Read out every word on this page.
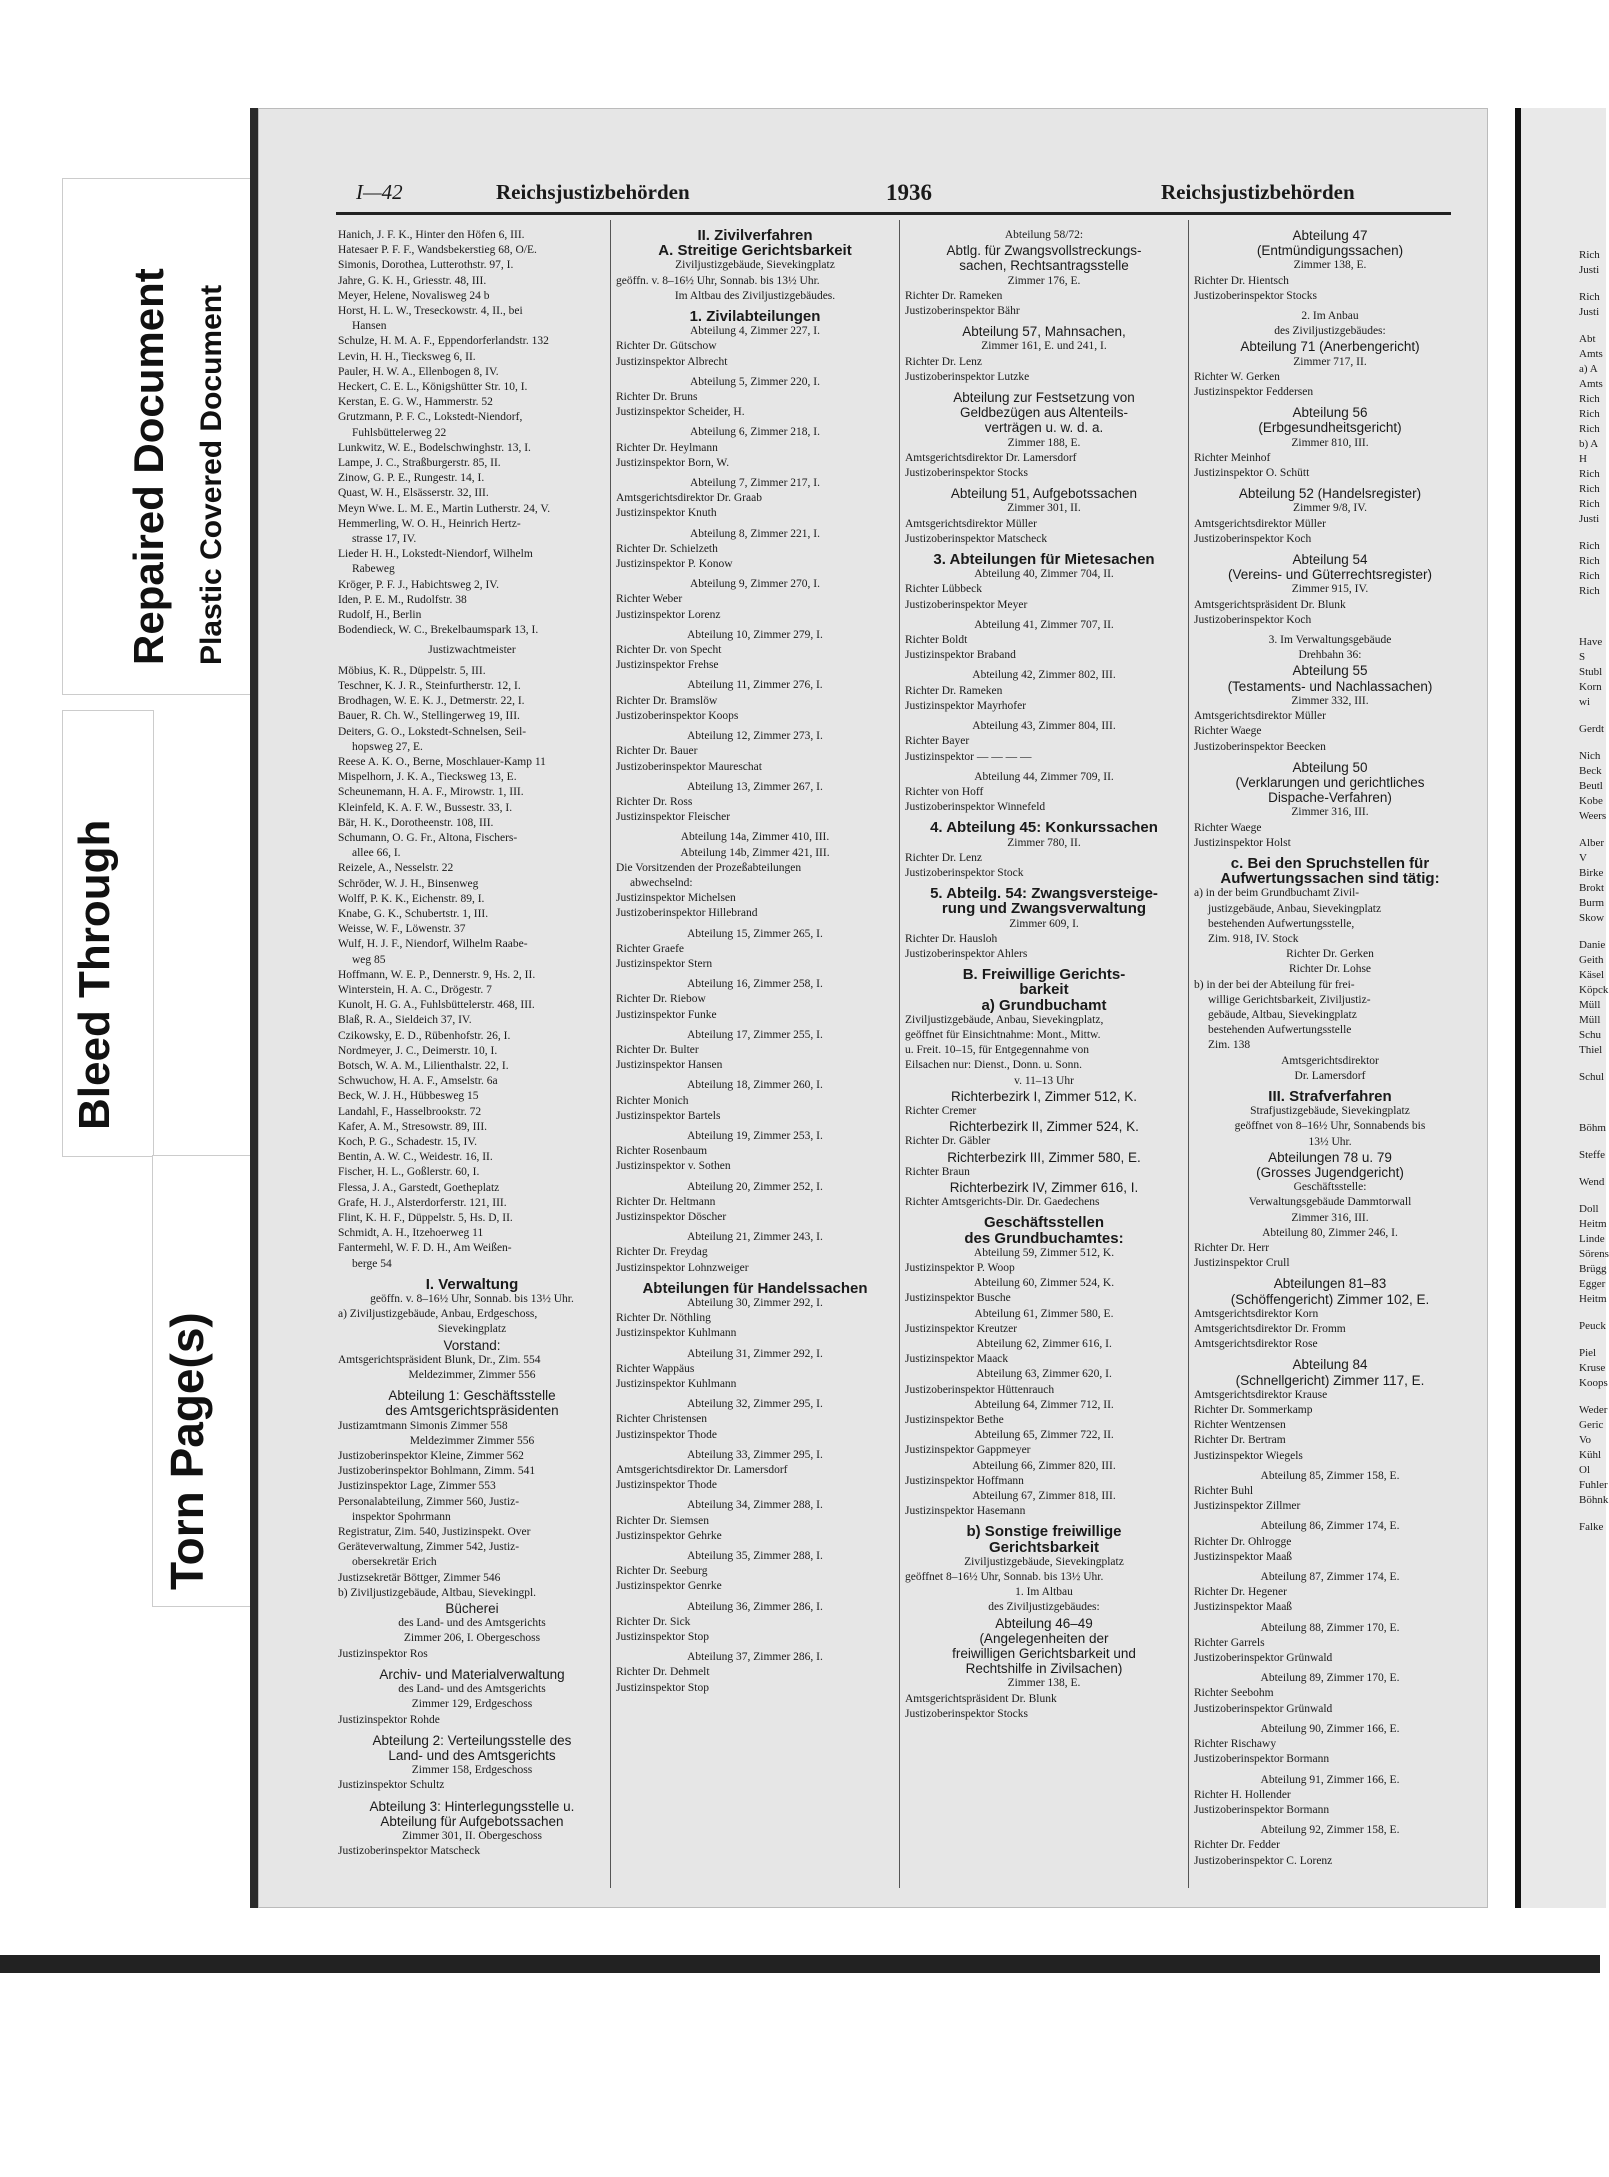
Bleed Through
Repaired Document Plastic Covered Document
Torn Page(s)
I—42	Reichsjustizbehörden	1936	Reichsjustizbehörden
Hanich, J. F. K., Hinter den Höfen 6, III.
Hatesaer P. F. F., Wandsbekerstieg 68, O/E.
Simonis, Dorothea, Lutterothstr. 97, I.
Jahre, G. K. H., Griesstr. 48, III.
Meyer, Helene, Novalisweg 24 b
Horst, H. L. W., Treseckowstr. 4, II., bei
Hansen
Schulze, H. M. A. F., Eppendorferlandstr. 132
Levin, H. H., Tiecksweg 6, II.
Pauler, H. W. A., Ellenbogen 8, IV.
Heckert, C. E. L., Königshütter Str. 10, I.
Kerstan, E. G. W., Hammerstr. 52
Grutzmann, P. F. C., Lokstedt-Niendorf,
Fuhlsbüttelerweg 22
Lunkwitz, W. E., Bodelschwinghstr. 13, I.
Lampe, J. C., Straßburgerstr. 85, II.
Zinow, G. P. E., Rungestr. 14, I.
Quast, W. H., Elsässerstr. 32, III.
Meyn Wwe. L. M. E., Martin Lutherstr. 24, V.
Hemmerling, W. O. H., Heinrich Hertz-
strasse 17, IV.
Lieder H. H., Lokstedt-Niendorf, Wilhelm
Rabeweg
Kröger, P. F. J., Habichtsweg 2, IV.
Iden, P. E. M., Rudolfstr. 38
Rudolf, H., Berlin
Bodendieck, W. C., Brekelbaumspark 13, I.
Justizwachtmeister
Möbius, K. R., Düppelstr. 5, III.
Teschner, K. J. R., Steinfurtherstr. 12, I.
Brodhagen, W. E. K. J., Detmerstr. 22, I.
Bauer, R. Ch. W., Stellingerweg 19, III.
Deiters, G. O., Lokstedt-Schnelsen, Seil-
hopsweg 27, E.
Reese A. K. O., Berne, Moschlauer-Kamp 11
Mispelhorn, J. K. A., Tiecksweg 13, E.
Scheunemann, H. A. F., Mirowstr. 1, III.
Kleinfeld, K. A. F. W., Bussestr. 33, I.
Bär, H. K., Dorotheenstr. 108, III.
Schumann, O. G. Fr., Altona, Fischers-
allee 66, I.
Reizele, A., Nesselstr. 22
Schröder, W. J. H., Binsenweg
Wolff, P. K. K., Eichenstr. 89, I.
Knabe, G. K., Schubertstr. 1, III.
Weisse, W. F., Löwenstr. 37
Wulf, H. J. F., Niendorf, Wilhelm Raabe-
weg 85
Hoffmann, W. E. P., Dennerstr. 9, Hs. 2, II.
Winterstein, H. A. C., Drögestr. 7
Kunolt, H. G. A., Fuhlsbüttelerstr. 468, III.
Blaß, R. A., Sieldeich 37, IV.
Czikowsky, E. D., Rübenhofstr. 26, I.
Nordmeyer, J. C., Deimerstr. 10, I.
Botsch, W. A. M., Lilienthalstr. 22, I.
Schwuchow, H. A. F., Amselstr. 6a
Beck, W. J. H., Hübbesweg 15
Landahl, F., Hasselbrookstr. 72
Kafer, A. M., Stresowstr. 89, III.
Koch, P. G., Schadestr. 15, IV.
Bentin, A. W. C., Weidestr. 16, II.
Fischer, H. L., Goßlerstr. 60, I.
Flessa, J. A., Garstedt, Goetheplatz
Grafe, H. J., Alsterdorferstr. 121, III.
Flint, K. H. F., Düppelstr. 5, Hs. D, II.
Schmidt, A. H., Itzehoerweg 11
Fantermehl, W. F. D. H., Am Weißen-
berge 54
I. Verwaltung
geöffn. v. 8–16½ Uhr, Sonnab. bis 13½ Uhr.
a) Ziviljustizgebäude, Anbau, Erdgeschoss,
Sievekingplatz
Vorstand:
Amtsgerichtspräsident Blunk, Dr., Zim. 554
Meldezimmer, Zimmer 556
Abteilung 1: Geschäftsstelle
des Amtsgerichtspräsidenten
Justizamtmann Simonis Zimmer 558
Meldezimmer Zimmer 556
Justizoberinspektor Kleine, Zimmer 562
Justizoberinspektor Bohlmann, Zimm. 541
Justizinspektor Lage, Zimmer 553
Personalabteilung, Zimmer 560, Justiz-
inspektor Spohrmann
Registratur, Zim. 540, Justizinspekt. Over
Geräteverwaltung, Zimmer 542, Justiz-
obersekretär Erich
Justizsekretär Böttger, Zimmer 546
b) Ziviljustizgebäude, Altbau, Sievekingpl.
Bücherei
des Land- und des Amtsgerichts
Zimmer 206, I. Obergeschoss
Justizinspektor Ros
Archiv- und Materialverwaltung
des Land- und des Amtsgerichts
Zimmer 129, Erdgeschoss
Justizinspektor Rohde
Abteilung 2: Verteilungsstelle des
Land- und des Amtsgerichts
Zimmer 158, Erdgeschoss
Justizinspektor Schultz
Abteilung 3: Hinterlegungsstelle u.
Abteilung für Aufgebotssachen
Zimmer 301, II. Obergeschoss
Justizoberinspektor Matscheck
II. Zivilverfahren
A. Streitige Gerichtsbarkeit
Ziviljustizgebäude, Sievekingplatz
geöffn. v. 8–16½ Uhr, Sonnab. bis 13½ Uhr.
Im Altbau des Ziviljustizgebäudes.
1. Zivilabteilungen
Abteilung 4, Zimmer 227, I.
Richter Dr. Gütschow
Justizinspektor Albrecht
Abteilung 5, Zimmer 220, I.
Richter Dr. Bruns
Justizinspektor Scheider, H.
Abteilung 6, Zimmer 218, I.
Richter Dr. Heylmann
Justizinspektor Born, W.
Abteilung 7, Zimmer 217, I.
Amtsgerichtsdirektor Dr. Graab
Justizinspektor Knuth
Abteilung 8, Zimmer 221, I.
Richter Dr. Schielzeth
Justizinspektor P. Konow
Abteilung 9, Zimmer 270, I.
Richter Weber
Justizinspektor Lorenz
Abteilung 10, Zimmer 279, I.
Richter Dr. von Specht
Justizinspektor Frehse
Abteilung 11, Zimmer 276, I.
Richter Dr. Bramslöw
Justizoberinspektor Koops
Abteilung 12, Zimmer 273, I.
Richter Dr. Bauer
Justizoberinspektor Maureschat
Abteilung 13, Zimmer 267, I.
Richter Dr. Ross
Justizinspektor Fleischer
Abteilung 14a, Zimmer 410, III.
Abteilung 14b, Zimmer 421, III.
Die Vorsitzenden der Prozeßabteilungen
abwechselnd:
Justizinspektor Michelsen
Justizoberinspektor Hillebrand
Abteilung 15, Zimmer 265, I.
Richter Graefe
Justizinspektor Stern
Abteilung 16, Zimmer 258, I.
Richter Dr. Riebow
Justizinspektor Funke
Abteilung 17, Zimmer 255, I.
Richter Dr. Bulter
Justizinspektor Hansen
Abteilung 18, Zimmer 260, I.
Richter Monich
Justizinspektor Bartels
Abteilung 19, Zimmer 253, I.
Richter Rosenbaum
Justizinspektor v. Sothen
Abteilung 20, Zimmer 252, I.
Richter Dr. Heltmann
Justizinspektor Döscher
Abteilung 21, Zimmer 243, I.
Richter Dr. Freydag
Justizinspektor Lohnzweiger
Abteilungen für Handelssachen
Abteilung 30, Zimmer 292, I.
Richter Dr. Nöthling
Justizinspektor Kuhlmann
Abteilung 31, Zimmer 292, I.
Richter Wappäus
Justizinspektor Kuhlmann
Abteilung 32, Zimmer 295, I.
Richter Christensen
Justizinspektor Thode
Abteilung 33, Zimmer 295, I.
Amtsgerichtsdirektor Dr. Lamersdorf
Justizinspektor Thode
Abteilung 34, Zimmer 288, I.
Richter Dr. Siemsen
Justizinspektor Gehrke
Abteilung 35, Zimmer 288, I.
Richter Dr. Seeburg
Justizinspektor Genrke
Abteilung 36, Zimmer 286, I.
Richter Dr. Sick
Justizinspektor Stop
Abteilung 37, Zimmer 286, I.
Richter Dr. Dehmelt
Justizinspektor Stop
Abteilung 58/72:
Abtlg. für Zwangsvollstreckungs-
sachen, Rechtsantragsstelle
Zimmer 176, E.
Richter Dr. Rameken
Justizoberinspektor Bähr
Abteilung 57, Mahnsachen,
Zimmer 161, E. und 241, I.
Richter Dr. Lenz
Justizoberinspektor Lutzke
Abteilung zur Festsetzung von
Geldbezügen aus Altenteils-
verträgen u. w. d. a.
Zimmer 188, E.
Amtsgerichtsdirektor Dr. Lamersdorf
Justizoberinspektor Stocks
Abteilung 51, Aufgebotssachen
Zimmer 301, II.
Amtsgerichtsdirektor Müller
Justizoberinspektor Matscheck
3. Abteilungen für Mietesachen
Abteilung 40, Zimmer 704, II.
Richter Lübbeck
Justizoberinspektor Meyer
Abteilung 41, Zimmer 707, II.
Richter Boldt
Justizinspektor Braband
Abteilung 42, Zimmer 802, III.
Richter Dr. Rameken
Justizinspektor Mayrhofer
Abteilung 43, Zimmer 804, III.
Richter Bayer
Justizinspektor — — — —
Abteilung 44, Zimmer 709, II.
Richter von Hoff
Justizoberinspektor Winnefeld
4. Abteilung 45: Konkurssachen
Zimmer 780, II.
Richter Dr. Lenz
Justizoberinspektor Stock
5. Abteilg. 54: Zwangsversteige-
rung und Zwangsverwaltung
Zimmer 609, I.
Richter Dr. Hausloh
Justizoberinspektor Ahlers
B. Freiwillige Gerichts-
barkeit
a) Grundbuchamt
Ziviljustizgebäude, Anbau, Sievekingplatz,
geöffnet für Einsichtnahme: Mont., Mittw.
u. Freit. 10–15, für Entgegennahme von
Eilsachen nur: Dienst., Donn. u. Sonn.
v. 11–13 Uhr
Richterbezirk I, Zimmer 512, K.
Richter Cremer
Richterbezirk II, Zimmer 524, K.
Richter Dr. Gäbler
Richterbezirk III, Zimmer 580, E.
Richter Braun
Richterbezirk IV, Zimmer 616, I.
Richter Amtsgerichts-Dir. Dr. Gaedechens
Geschäftsstellen
des Grundbuchamtes:
Abteilung 59, Zimmer 512, K.
Justizinspektor P. Woop
Abteilung 60, Zimmer 524, K.
Justizinspektor Busche
Abteilung 61, Zimmer 580, E.
Justizinspektor Kreutzer
Abteilung 62, Zimmer 616, I.
Justizinspektor Maack
Abteilung 63, Zimmer 620, I.
Justizoberinspektor Hüttenrauch
Abteilung 64, Zimmer 712, II.
Justizinspektor Bethe
Abteilung 65, Zimmer 722, II.
Justizinspektor Gappmeyer
Abteilung 66, Zimmer 820, III.
Justizinspektor Hoffmann
Abteilung 67, Zimmer 818, III.
Justizinspektor Hasemann
b) Sonstige freiwillige
Gerichtsbarkeit
Ziviljustizgebäude, Sievekingplatz
geöffnet 8–16½ Uhr, Sonnab. bis 13½ Uhr.
1. Im Altbau
des Ziviljustizgebäudes:
Abteilung 46–49
(Angelegenheiten der
freiwilligen Gerichtsbarkeit und
Rechtshilfe in Zivilsachen)
Zimmer 138, E.
Amtsgerichtspräsident Dr. Blunk
Justizoberinspektor Stocks
Abteilung 47
(Entmündigungssachen)
Zimmer 138, E.
Richter Dr. Hientsch
Justizoberinspektor Stocks
2. Im Anbau
des Ziviljustizgebäudes:
Abteilung 71 (Anerbengericht)
Zimmer 717, II.
Richter W. Gerken
Justizinspektor Feddersen
Abteilung 56
(Erbgesundheitsgericht)
Zimmer 810, III.
Richter Meinhof
Justizinspektor O. Schütt
Abteilung 52 (Handelsregister)
Zimmer 9/8, IV.
Amtsgerichtsdirektor Müller
Justizoberinspektor Koch
Abteilung 54
(Vereins- und Güterrechtsregister)
Zimmer 915, IV.
Amtsgerichtspräsident Dr. Blunk
Justizoberinspektor Koch
3. Im Verwaltungsgebäude
Drehbahn 36:
Abteilung 55
(Testaments- und Nachlassachen)
Zimmer 332, III.
Amtsgerichtsdirektor Müller
Richter Waege
Justizoberinspektor Beecken
Abteilung 50
(Verklarungen und gerichtliches
Dispache-Verfahren)
Zimmer 316, III.
Richter Waege
Justizinspektor Holst
c. Bei den Spruchstellen für
Aufwertungssachen sind tätig:
a) in der beim Grundbuchamt Zivil-
justizgebäude, Anbau, Sievekingplatz
bestehenden Aufwertungsstelle,
Zim. 918, IV. Stock
Richter Dr. Gerken
Richter Dr. Lohse
b) in der bei der Abteilung für frei-
willige Gerichtsbarkeit, Ziviljustiz-
gebäude, Altbau, Sievekingplatz
bestehenden Aufwertungsstelle
Zim. 138
Amtsgerichtsdirektor
Dr. Lamersdorf
III. Strafverfahren
Strafjustizgebäude, Sievekingplatz
geöffnet von 8–16½ Uhr, Sonnabends bis
13½ Uhr.
Abteilungen 78 u. 79
(Grosses Jugendgericht)
Geschäftsstelle:
Verwaltungsgebäude Dammtorwall
Zimmer 316, III.
Abteilung 80, Zimmer 246, I.
Richter Dr. Herr
Justizinspektor Crull
Abteilungen 81–83
(Schöffengericht) Zimmer 102, E.
Amtsgerichtsdirektor Korn
Amtsgerichtsdirektor Dr. Fromm
Amtsgerichtsdirektor Rose
Abteilung 84
(Schnellgericht) Zimmer 117, E.
Amtsgerichtsdirektor Krause
Richter Dr. Sommerkamp
Richter Wentzensen
Richter Dr. Bertram
Justizinspektor Wiegels
Abteilung 85, Zimmer 158, E.
Richter Buhl
Justizinspektor Zillmer
Abteilung 86, Zimmer 174, E.
Richter Dr. Ohlrogge
Justizinspektor Maaß
Abteilung 87, Zimmer 174, E.
Richter Dr. Hegener
Justizinspektor Maaß
Abteilung 88, Zimmer 170, E.
Richter Garrels
Justizoberinspektor Grünwald
Abteilung 89, Zimmer 170, E.
Richter Seebohm
Justizoberinspektor Grünwald
Abteilung 90, Zimmer 166, E.
Richter Rischawy
Justizoberinspektor Bormann
Abteilung 91, Zimmer 166, E.
Richter H. Hollender
Justizoberinspektor Bormann
Abteilung 92, Zimmer 158, E.
Richter Dr. Fedder
Justizoberinspektor C. Lorenz
Rich
Justi
Rich
Justi
Abt
Amts
a) A
Amts
Rich
Rich
Rich
b) A
H
Rich
Rich
Rich
Justi
Rich
Rich
Rich
Rich
Have
S
Stubl
Korn
wi
Gerdt
Nich
Beck
Beutl
Kobe
Weers
Alber
V
Birke
Brokt
Burm
Skow
Danie
Geith
Käsel
Köpck
Müll
Müll
Schu
Thiel
Schul
Böhm
Steffe
Wend
Doll
Heitm
Linde
Sörens
Brügg
Egger
Heitm
Peuck
Piel
Kruse
Koops
Weder
Geric
Vo
Kühl
Ol
Fuhler
Böhnk
Falke
